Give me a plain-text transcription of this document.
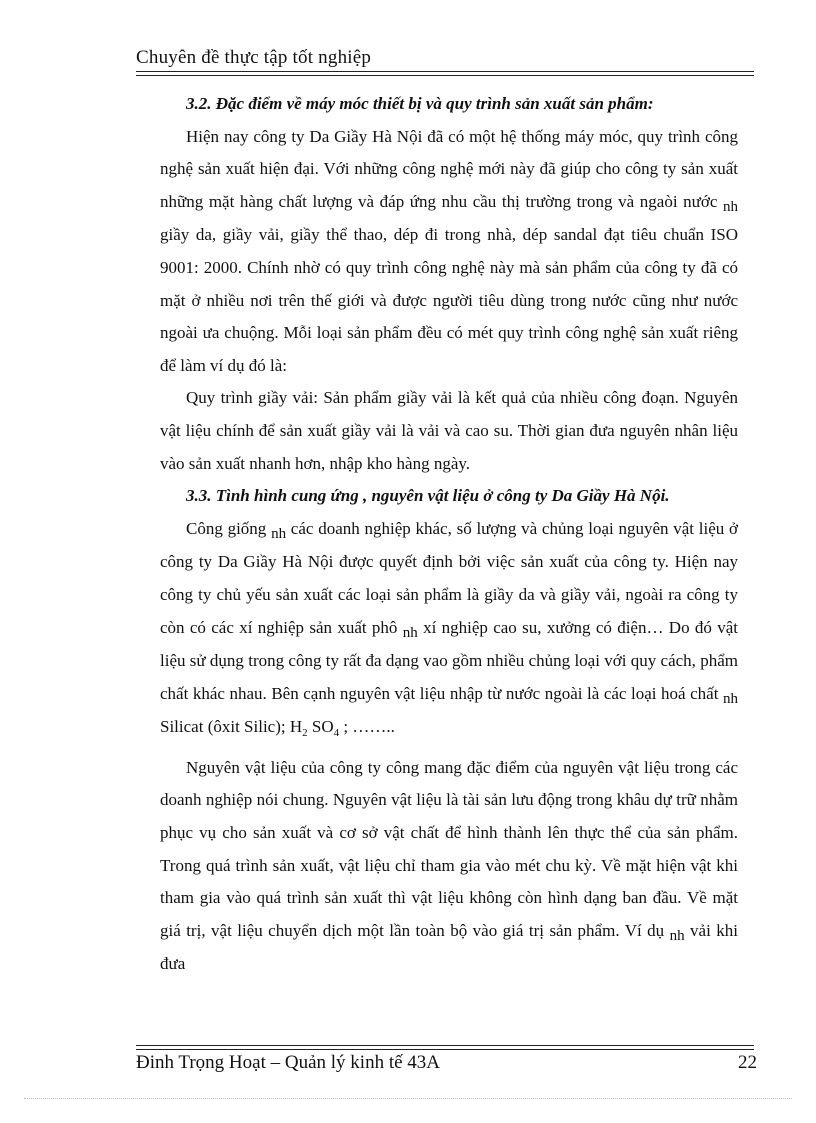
Chuyên đề thực tập tốt nghiệp

3.2. Đặc điểm về máy móc thiết bị và quy trình sản xuất sản phẩm:

Hiện nay công ty Da Giầy Hà Nội đã có một hệ thống máy móc, quy trình công nghệ sản xuất hiện đại. Với những công nghệ mới này đã giúp cho công ty sản xuất những mặt hàng chất lượng và đáp ứng nhu cầu thị trường trong và ngaòi nước nh giầy da, giầy vải, giầy thể thao, dép đi trong nhà, dép sandal đạt tiêu chuẩn ISO 9001: 2000. Chính nhờ có quy trình công nghệ này mà sản phẩm của công ty đã có mặt ở nhiều nơi trên thế giới và được người tiêu dùng trong nước cũng như nước ngoài ưa chuộng. Mỗi loại sản phẩm đều có mét quy trình công nghệ sản xuất riêng để làm ví dụ đó là:

Quy trình giầy vải: Sản phẩm giầy vải là kết quả của nhiều công đoạn. Nguyên vật liệu chính để sản xuất giầy vải là vải và cao su. Thời gian đưa nguyên nhân liệu vào sản xuất nhanh hơn, nhập kho hàng ngày.

3.3. Tình hình cung ứng , nguyên vật liệu ở công ty Da Giầy Hà Nội.

Công giống nh các doanh nghiệp khác, số lượng và chủng loại nguyên vật liệu ở công ty Da Giầy Hà Nội được quyết định bởi việc sản xuất của công ty. Hiện nay công ty chủ yếu sản xuất các loại sản phẩm là giầy da và giầy vải, ngoài ra công ty còn có các xí nghiệp sản xuất phô nh xí nghiệp cao su, xưởng có điện… Do đó vật liệu sử dụng trong công ty rất đa dạng vao gồm nhiều chủng loại với quy cách, phẩm chất khác nhau. Bên cạnh nguyên vật liệu nhập từ nước ngoài là các loại hoá chất nh Silicat (ôxit Silic); $H_2$ $SO_4$ ; ……..

Nguyên vật liệu của công ty công mang đặc điểm của nguyên vật liệu trong các doanh nghiệp nói chung. Nguyên vật liệu là tài sản lưu động trong khâu dự trữ nhằm phục vụ cho sản xuất và cơ sở vật chất để hình thành lên thực thể của sản phẩm. Trong quá trình sản xuất, vật liệu chỉ tham gia vào mét chu kỳ. Về mặt hiện vật khi tham gia vào quá trình sản xuất thì vật liệu không còn hình dạng ban đầu. Về mặt giá trị, vật liệu chuyển dịch một lần toàn bộ vào giá trị sản phẩm. Ví dụ nh vải khi đưa

Đinh Trọng Hoạt – Quản lý kinh tế 43A	22
